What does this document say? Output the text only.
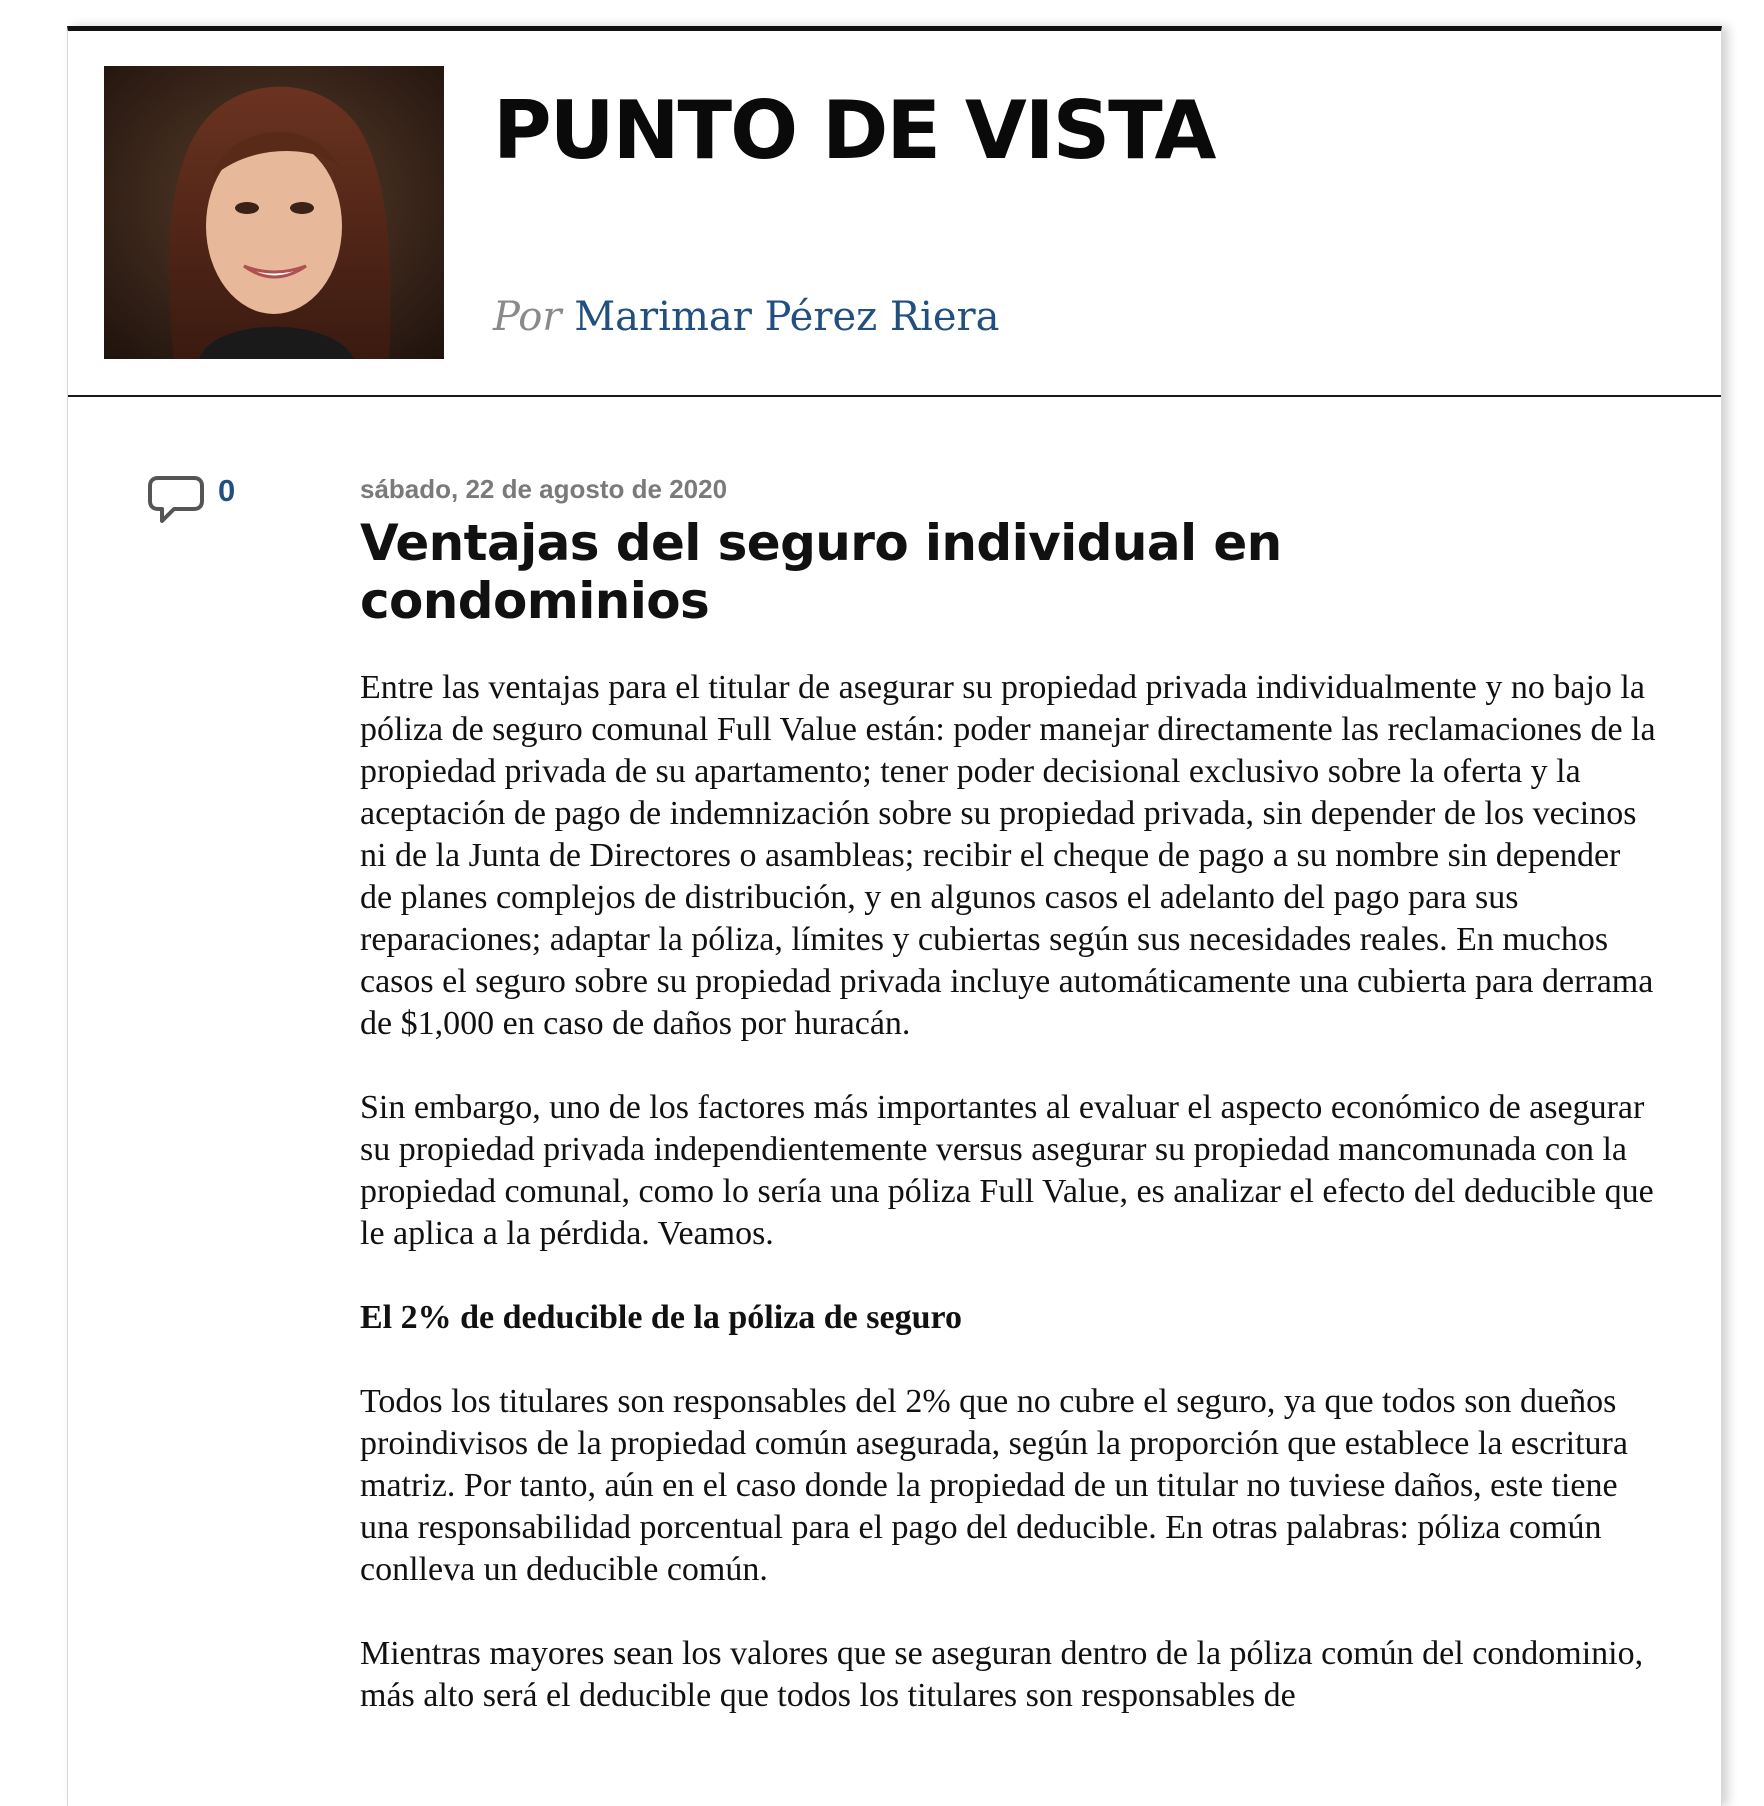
PUNTO DE VISTA
Por Marimar Pérez Riera
0	sábado, 22 de agosto de 2020

Ventajas del seguro individual en
condominios

Entre las ventajas para el titular de asegurar su propiedad privada individualmente y no bajo la póliza de seguro comunal Full Value están: poder manejar directamente las reclamaciones de la propiedad privada de su apartamento; tener poder decisional exclusivo sobre la oferta y la aceptación de pago de indemnización sobre su propiedad privada, sin depender de los vecinos ni de la Junta de Directores o asambleas; recibir el cheque de pago a su nombre sin depender de planes complejos de distribución, y en algunos casos el adelanto del pago para sus reparaciones; adaptar la póliza, límites y cubiertas según sus necesidades reales. En muchos casos el seguro sobre su propiedad privada incluye automáticamente una cubierta para derrama de $1,000 en caso de daños por huracán.

Sin embargo, uno de los factores más importantes al evaluar el aspecto económico de asegurar su propiedad privada independientemente versus asegurar su propiedad mancomunada con la propiedad comunal, como lo sería una póliza Full Value, es analizar el efecto del deducible que le aplica a la pérdida. Veamos.

El 2% de deducible de la póliza de seguro

Todos los titulares son responsables del 2% que no cubre el seguro, ya que todos son dueños proindivisos de la propiedad común asegurada, según la proporción que establece la escritura matriz. Por tanto, aún en el caso donde la propiedad de un titular no tuviese daños, este tiene una responsabilidad porcentual para el pago del deducible. En otras palabras: póliza común conlleva un deducible común.

Mientras mayores sean los valores que se aseguran dentro de la póliza común del condominio, más alto será el deducible que todos los titulares son responsables de
